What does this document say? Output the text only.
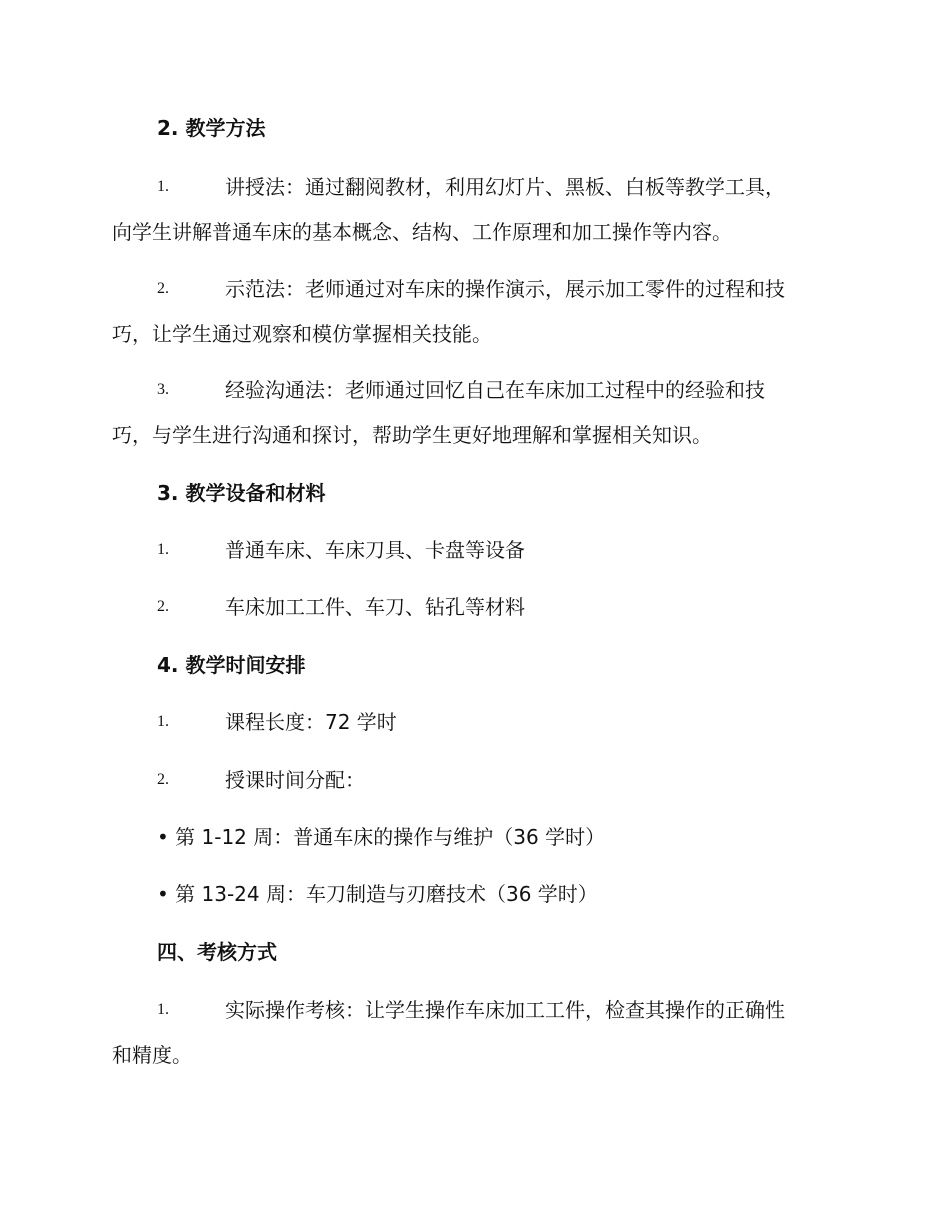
2. 教学方法
1.	讲授法：通过翻阅教材，利用幻灯片、黑板、白板等教学工具，
向学生讲解普通车床的基本概念、结构、工作原理和加工操作等内容。
2.	示范法：老师通过对车床的操作演示，展示加工零件的过程和技
巧，让学生通过观察和模仿掌握相关技能。
3.	经验沟通法：老师通过回忆自己在车床加工过程中的经验和技
巧，与学生进行沟通和探讨，帮助学生更好地理解和掌握相关知识。
3. 教学设备和材料
1.	普通车床、车床刀具、卡盘等设备
2.	车床加工工件、车刀、钻孔等材料
4. 教学时间安排
1.	课程长度：72 学时
2.	授课时间分配：
• 第 1-12 周：普通车床的操作与维护（36 学时）
• 第 13-24 周：车刀制造与刃磨技术（36 学时）
四、考核方式
1.	实际操作考核：让学生操作车床加工工件，检查其操作的正确性
和精度。
